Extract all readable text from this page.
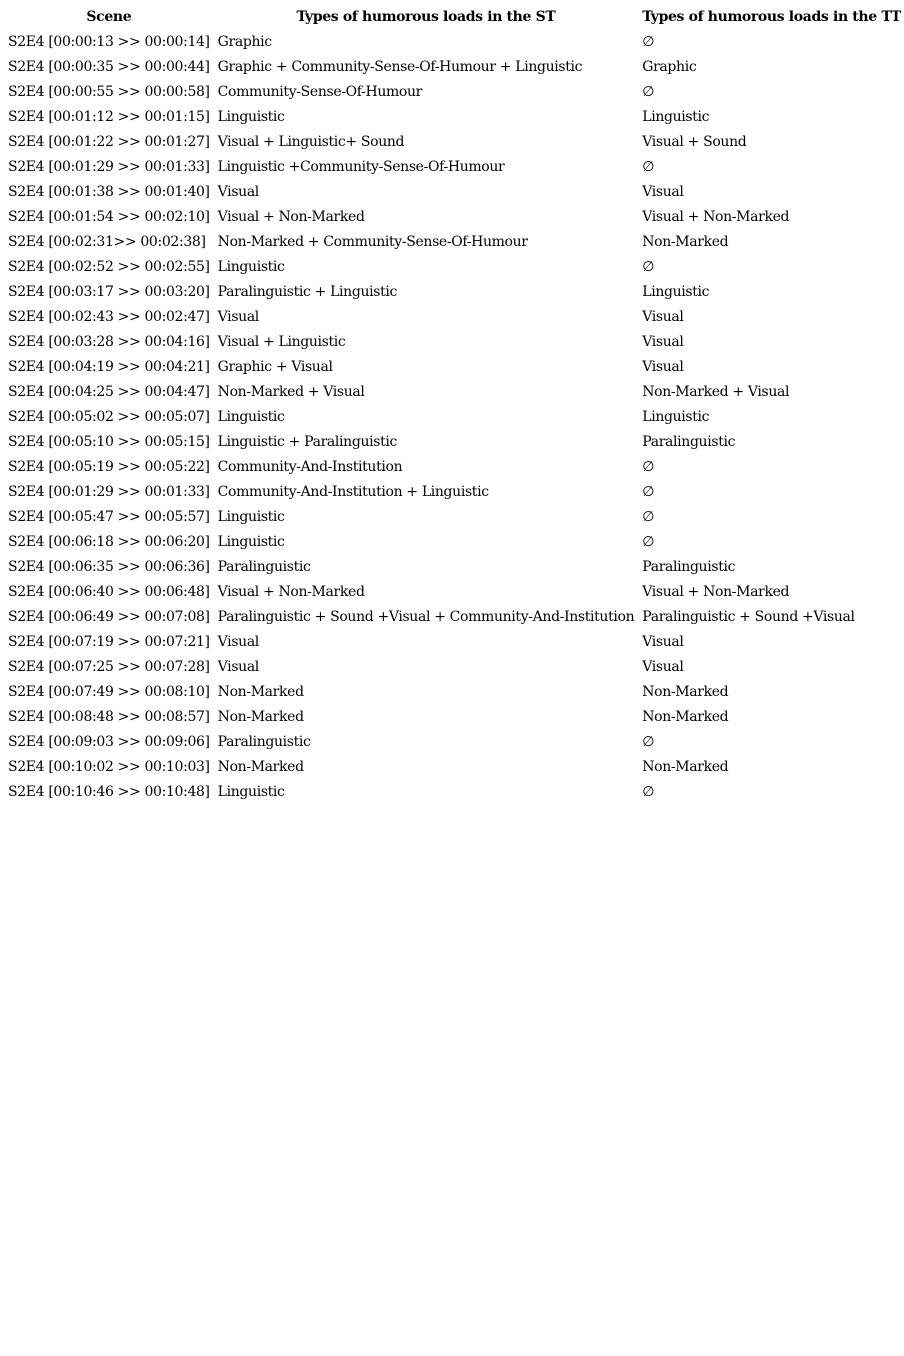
Scene	Types of humorous loads in the ST	Types of humorous loads in the TT
S2E4 [00:00:13 >> 00:00:14]	Graphic	∅
S2E4 [00:00:35 >> 00:00:44]	Graphic + Community-Sense-Of-Humour + Linguistic	Graphic
S2E4 [00:00:55 >> 00:00:58]	Community-Sense-Of-Humour	∅
S2E4 [00:01:12 >> 00:01:15]	Linguistic	Linguistic
S2E4 [00:01:22 >> 00:01:27]	Visual + Linguistic+ Sound	Visual + Sound
S2E4 [00:01:29 >> 00:01:33]	Linguistic +Community-Sense-Of-Humour	∅
S2E4 [00:01:38 >> 00:01:40]	Visual	Visual
S2E4 [00:01:54 >> 00:02:10]	Visual + Non-Marked	Visual + Non-Marked
S2E4 [00:02:31>> 00:02:38]	Non-Marked + Community-Sense-Of-Humour	Non-Marked
S2E4 [00:02:52 >> 00:02:55]	Linguistic	∅
S2E4 [00:03:17 >> 00:03:20]	Paralinguistic + Linguistic	Linguistic
S2E4 [00:02:43 >> 00:02:47]	Visual	Visual
S2E4 [00:03:28 >> 00:04:16]	Visual + Linguistic	Visual
S2E4 [00:04:19 >> 00:04:21]	Graphic + Visual	Visual
S2E4 [00:04:25 >> 00:04:47]	Non-Marked + Visual	Non-Marked + Visual
S2E4 [00:05:02 >> 00:05:07]	Linguistic	Linguistic
S2E4 [00:05:10 >> 00:05:15]	Linguistic + Paralinguistic	Paralinguistic
S2E4 [00:05:19 >> 00:05:22]	Community-And-Institution	∅
S2E4 [00:01:29 >> 00:01:33]	Community-And-Institution + Linguistic	∅
S2E4 [00:05:47 >> 00:05:57]	Linguistic	∅
S2E4 [00:06:18 >> 00:06:20]	Linguistic	∅
S2E4 [00:06:35 >> 00:06:36]	Paralinguistic	Paralinguistic
S2E4 [00:06:40 >> 00:06:48]	Visual + Non-Marked	Visual + Non-Marked
S2E4 [00:06:49 >> 00:07:08]	Paralinguistic + Sound +Visual + Community-And-Institution	Paralinguistic + Sound +Visual
S2E4 [00:07:19 >> 00:07:21]	Visual	Visual
S2E4 [00:07:25 >> 00:07:28]	Visual	Visual
S2E4 [00:07:49 >> 00:08:10]	Non-Marked	Non-Marked
S2E4 [00:08:48 >> 00:08:57]	Non-Marked	Non-Marked
S2E4 [00:09:03 >> 00:09:06]	Paralinguistic	∅
S2E4 [00:10:02 >> 00:10:03]	Non-Marked	Non-Marked
S2E4 [00:10:46 >> 00:10:48]	Linguistic	∅
